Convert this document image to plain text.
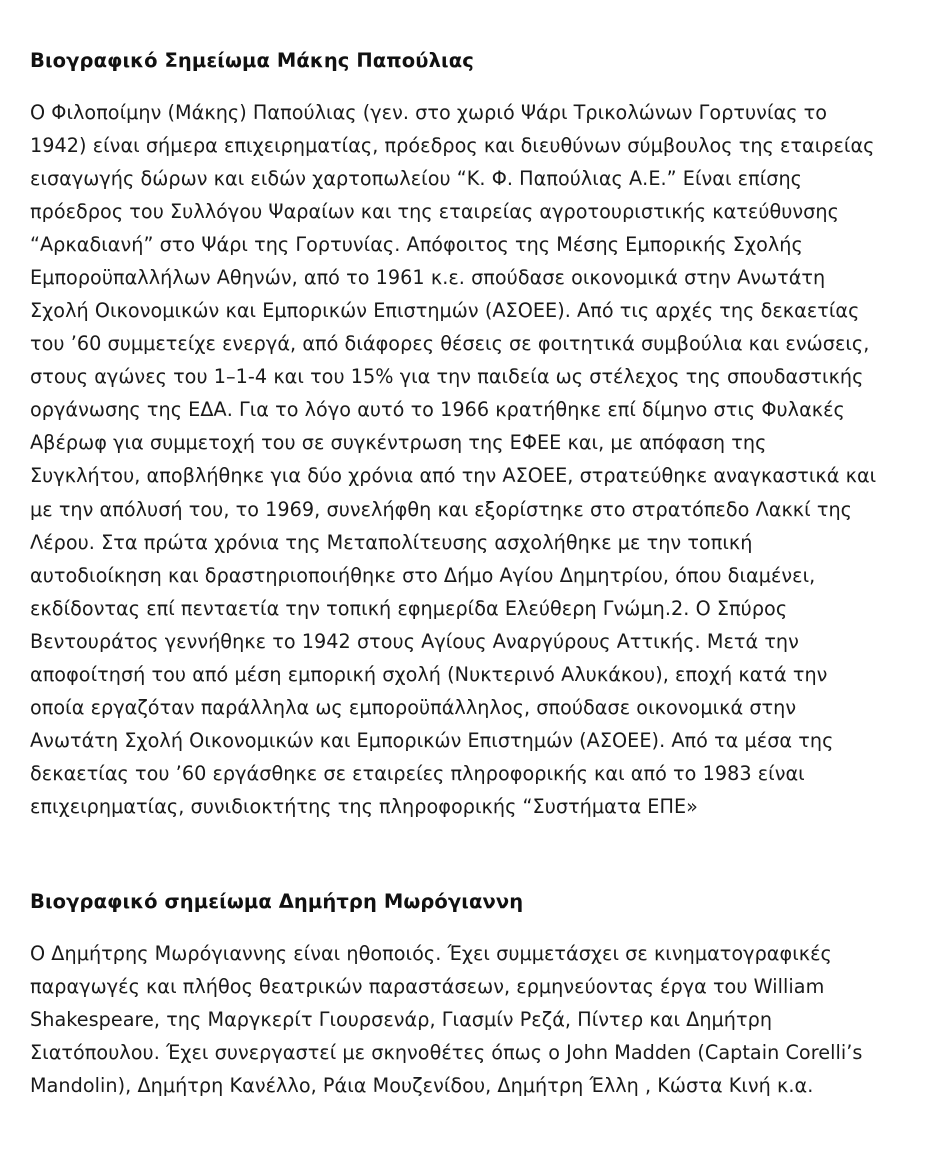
Βιογραφικό Σημείωμα Μάκης Παπούλιας

Ο Φιλοποίμην (Μάκης) Παπούλιας (γεν. στο χωριό Ψάρι Τρικολώνων Γορτυνίας το 1942) είναι σήμερα επιχειρηματίας, πρόεδρος και διευθύνων σύμβουλος της εταιρείας εισαγωγής δώρων και ειδών χαρτοπωλείου “Κ. Φ. Παπούλιας Α.Ε.” Είναι επίσης πρόεδρος του Συλλόγου Ψαραίων και της εταιρείας αγροτουριστικής κατεύθυνσης “Αρκαδιανή” στο Ψάρι της Γορτυνίας. Απόφοιτος της Μέσης Εμπορικής Σχολής Εμποροϋπαλλήλων Αθηνών, από το 1961 κ.ε. σπούδασε οικονομικά στην Ανωτάτη Σχολή Οικονομικών και Εμπορικών Επιστημών (ΑΣΟΕΕ). Από τις αρχές της δεκαετίας του ’60 συμμετείχε ενεργά, από διάφορες θέσεις σε φοιτητικά συμβούλια και ενώσεις, στους αγώνες του 1–1-4 και του 15% για την παιδεία ως στέλεχος της σπουδαστικής οργάνωσης της ΕΔΑ. Για το λόγο αυτό το 1966 κρατήθηκε επί δίμηνο στις Φυλακές Αβέρωφ για συμμετοχή του σε συγκέντρωση της ΕΦΕΕ και, με απόφαση της Συγκλήτου, αποβλήθηκε για δύο χρόνια από την ΑΣΟΕΕ, στρατεύθηκε αναγκαστικά και με την απόλυσή του, το 1969, συνελήφθη και εξορίστηκε στο στρατόπεδο Λακκί της Λέρου. Στα πρώτα χρόνια της Μεταπολίτευσης ασχολήθηκε με την τοπική αυτοδιοίκηση και δραστηριοποιήθηκε στο Δήμο Αγίου Δημητρίου, όπου διαμένει, εκδίδοντας επί πενταετία την τοπική εφημερίδα Ελεύθερη Γνώμη.2. Ο Σπύρος Βεντουράτος γεννήθηκε το 1942 στους Αγίους Αναργύρους Αττικής. Μετά την αποφοίτησή του από μέση εμπορική σχολή (Νυκτερινό Αλυκάκου), εποχή κατά την οποία εργαζόταν παράλληλα ως εμποροϋπάλληλος, σπούδασε οικονομικά στην Ανωτάτη Σχολή Οικονομικών και Εμπορικών Επιστημών (ΑΣΟΕΕ). Από τα μέσα της δεκαετίας του ’60 εργάσθηκε σε εταιρείες πληροφορικής και από το 1983 είναι επιχειρηματίας, συνιδιοκτήτης της πληροφορικής “Συστήματα ΕΠΕ»

Βιογραφικό σημείωμα Δημήτρη Μωρόγιαννη

Ο Δημήτρης Μωρόγιαννης είναι ηθοποιός. Έχει συμμετάσχει σε κινηματογραφικές παραγωγές και πλήθος θεατρικών παραστάσεων, ερμηνεύοντας έργα του William Shakespeare, της Μαργκερίτ Γιουρσενάρ, Γιασμίν Ρεζά, Πίντερ και Δημήτρη Σιατόπουλου. Έχει συνεργαστεί με σκηνοθέτες όπως ο John Madden (Captain Corelli’s Mandolin), Δημήτρη Κανέλλο, Ράια Μουζενίδου, Δημήτρη Έλλη , Κώστα Κινή κ.α.
